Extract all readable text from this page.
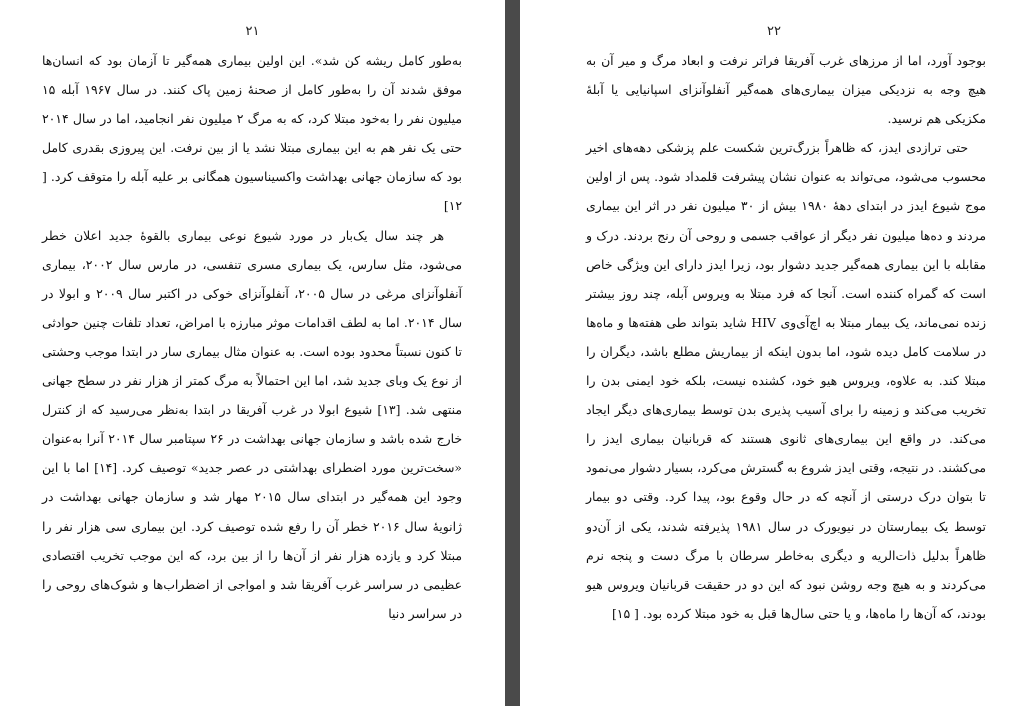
۲۱

به‌طور کامل ریشه کن شد». این اولین بیماری همه‌گیر تا آزمان بود که انسان‌ها موفق شدند آن را به‌طور کامل از صحنهٔ زمین پاک کنند. در سال ۱۹۶۷ آبله ۱۵ میلیون نفر را به‌خود مبتلا کرد، که به مرگ ۲ میلیون نفر انجامید، اما در سال ۲۰۱۴ حتی یک نفر هم به این بیماری مبتلا نشد یا از بین نرفت. این پیروزی بقدری کامل بود که سازمان جهانی بهداشت واکسیناسیون همگانی بر علیه آبله را متوقف کرد. [ ۱۲]

هر چند سال یک‌بار در مورد شیوع نوعی بیماری بالقوهٔ جدید اعلان خطر می‌شود، مثل سارس، یک بیماری مسری تنفسی، در مارس سال ۲۰۰۲، بیماری آنفلوآنزای مرغی در سال ۲۰۰۵، آنفلوآنزای خوکی در اکتبر سال ۲۰۰۹ و ابولا در سال ۲۰۱۴. اما به لطف اقدامات موثر مبارزه با امراض، تعداد تلفات چنین حوادثی تا کنون نسبتاً محدود بوده است. به عنوان مثال بیماری سار در ابتدا موجب وحشتی از نوع یک وبای جدید شد، اما این احتمالاً به مرگ کمتر از هزار نفر در سطح جهانی منتهی شد. [۱۳] شیوع ابولا در غرب آفریقا در ابتدا به‌نظر می‌رسید که از کنترل خارج شده باشد و سازمان جهانی بهداشت در ۲۶ سپتامبر سال ۲۰۱۴ آنرا به‌عنوان «سخت‌ترین مورد اضطرای بهداشتی در عصر جدید» توصیف کرد. [۱۴] اما با این وجود این همه‌گیر در ابتدای سال ۲۰۱۵ مهار شد و سازمان جهانی بهداشت در ژانویهٔ سال ۲۰۱۶ خطر آن را رفع شده توصیف کرد. این بیماری سی هزار نفر را مبتلا کرد و یازده هزار نفر از آن‌ها را از بین برد، که این موجب تخریب اقتصادی عظیمی در سراسر غرب آفریقا شد و امواجی از اضطراب‌ها و شوک‌های روحی را در سراسر دنیا

۲۲

بوجود آورد، اما از مرزهای غرب آفریقا فراتر نرفت و ابعاد مرگ و میر آن به هیچ وجه به نزدیکی میزان بیماری‌های همه‌گیر آنفلوآنزای اسپانیایی یا آبلهٔ مکزیکی هم نرسید.

حتی ترازدی ایدز، که ظاهراً بزرگ‌ترین شکست علم پزشکی دهه‌های اخیر محسوب می‌شود، می‌تواند به عنوان نشان پیشرفت قلمداد شود. پس از اولین موج شیوع ایدز در ابتدای دههٔ ۱۹۸۰ بیش از ۳۰ میلیون نفر در اثر این بیماری مردند و ده‌ها میلیون نفر دیگر از عواقب جسمی و روحی آن رنج بردند. درک و مقابله با این بیماری همه‌گیر جدید دشوار بود، زیرا ایدز دارای این ویژگی خاص است که گمراه کننده است. آنجا که فرد مبتلا به ویروس آبله، چند روز بیشتر زنده نمی‌ماند، یک بیمار مبتلا به اچ‌آی‌وی HIV شاید بتواند طی هفته‌ها و ماه‌ها در سلامت کامل دیده شود، اما بدون اینکه از بیماریش مطلع باشد، دیگران را مبتلا کند. به علاوه، ویروس هیو خود، کشنده نیست، بلکه خود ایمنی بدن را تخریب می‌کند و زمینه را برای آسیب پذیری بدن توسط بیماری‌های دیگر ایجاد می‌کند. در واقع این بیماری‌های ثانوی هستند که قربانیان بیماری ایدز را می‌کشند. در نتیجه، وقتی ایدز شروع به گسترش می‌کرد، بسیار دشوار می‌نمود تا بتوان درک درستی از آنچه که در حال وقوع بود، پیدا کرد. وقتی دو بیمار توسط یک بیمارستان در نیویورک در سال ۱۹۸۱ پذیرفته شدند، یکی از آن‌دو ظاهراً بدلیل ذات‌الریه و دیگری به‌خاطر سرطان با مرگ دست و پنجه نرم می‌کردند و به هیچ وجه روشن نبود که این دو در حقیقت قربانیان ویروس هیو بودند، که آن‌ها را ماه‌ها، و یا حتی سال‌ها قبل به خود مبتلا کرده بود. [ ۱۵]
